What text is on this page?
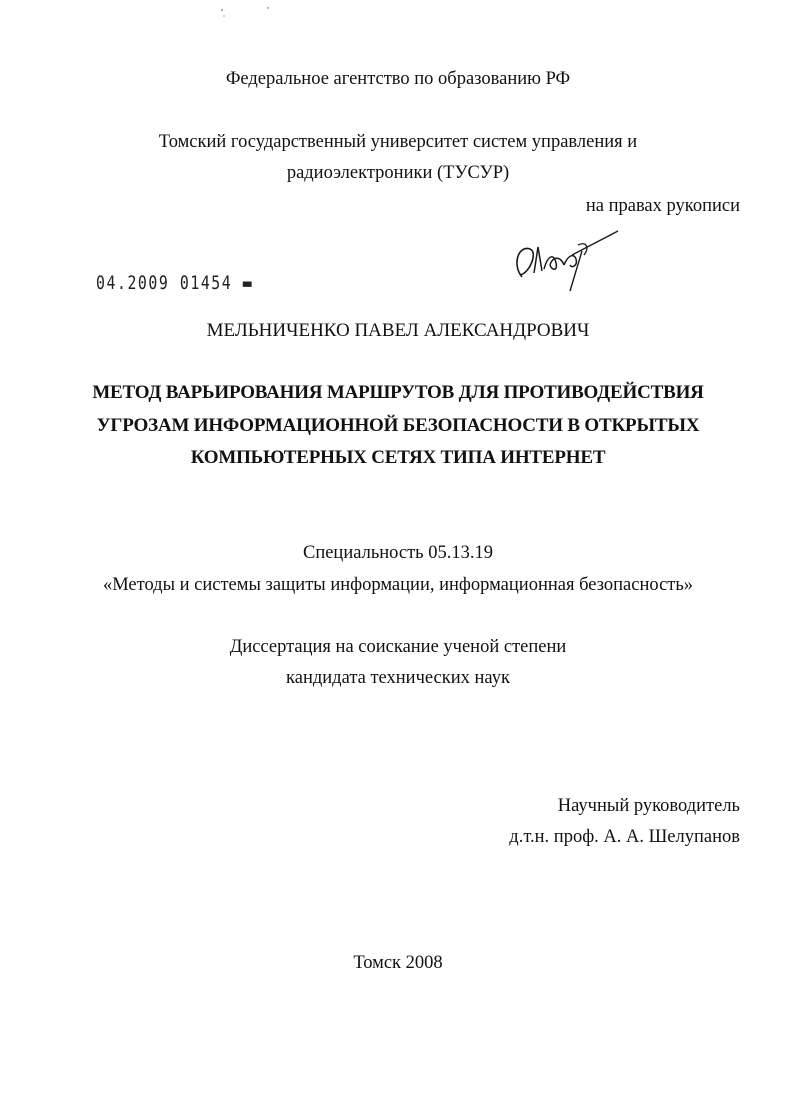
Федеральное агентство по образованию РФ
Томский государственный университет систем управления и
радиоэлектроники (ТУСУР)
на правах рукописи
04.2009 01454 ▬
МЕЛЬНИЧЕНКО ПАВЕЛ АЛЕКСАНДРОВИЧ
МЕТОД ВАРЬИРОВАНИЯ МАРШРУТОВ ДЛЯ ПРОТИВОДЕЙСТВИЯ
УГРОЗАМ ИНФОРМАЦИОННОЙ БЕЗОПАСНОСТИ В ОТКРЫТЫХ
КОМПЬЮТЕРНЫХ СЕТЯХ ТИПА ИНТЕРНЕТ
Специальность 05.13.19
«Методы и системы защиты информации, информационная безопасность»
Диссертация на соискание ученой степени
кандидата технических наук
Научный руководитель
д.т.н. проф. А. А. Шелупанов
Томск 2008
